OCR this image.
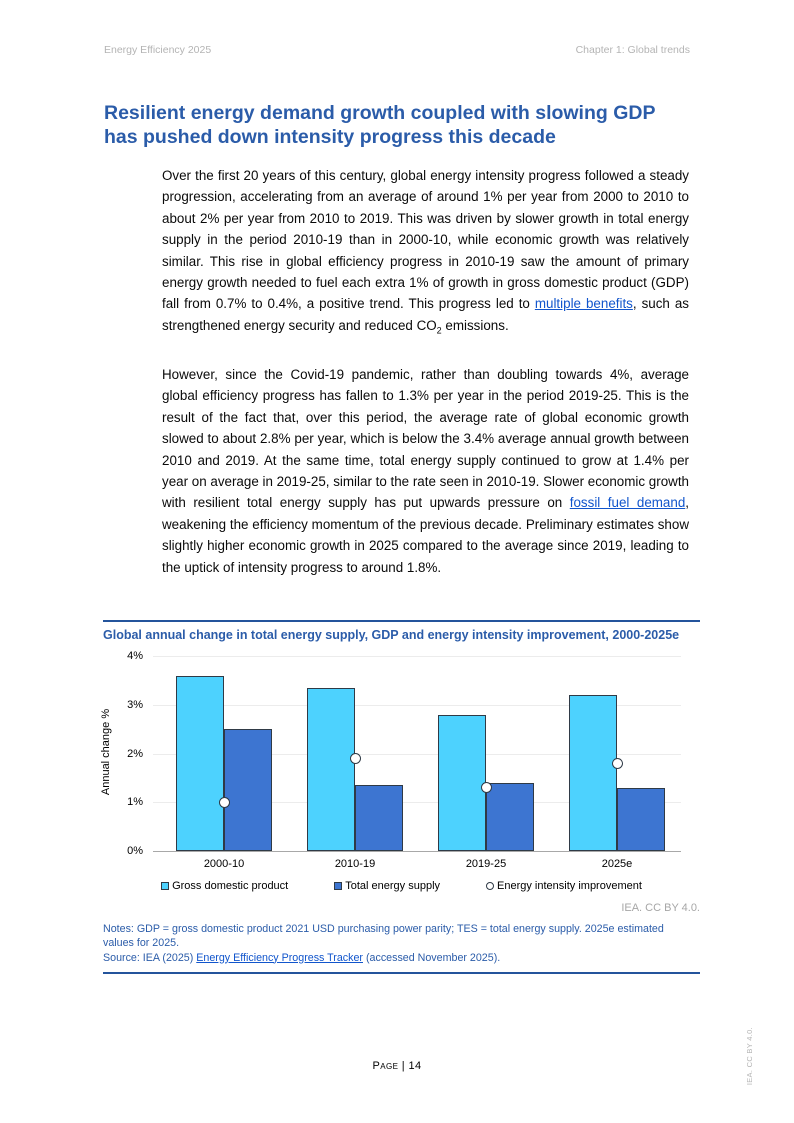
Energy Efficiency 2025	Chapter 1: Global trends
Resilient energy demand growth coupled with slowing GDP has pushed down intensity progress this decade

Over the first 20 years of this century, global energy intensity progress followed a steady progression, accelerating from an average of around 1% per year from 2000 to 2010 to about 2% per year from 2010 to 2019. This was driven by slower growth in total energy supply in the period 2010-19 than in 2000-10, while economic growth was relatively similar. This rise in global efficiency progress in 2010-19 saw the amount of primary energy growth needed to fuel each extra 1% of growth in gross domestic product (GDP) fall from 0.7% to 0.4%, a positive trend. This progress led to multiple benefits, such as strengthened energy security and reduced $CO_2$ emissions.

However, since the Covid-19 pandemic, rather than doubling towards 4%, average global efficiency progress has fallen to 1.3% per year in the period 2019-25. This is the result of the fact that, over this period, the average rate of global economic growth slowed to about 2.8% per year, which is below the 3.4% average annual growth between 2010 and 2019. At the same time, total energy supply continued to grow at 1.4% per year on average in 2019-25, similar to the rate seen in 2010-19. Slower economic growth with resilient total energy supply has put upwards pressure on fossil fuel demand, weakening the efficiency momentum of the previous decade. Preliminary estimates show slightly higher economic growth in 2025 compared to the average since 2019, leading to the uptick of intensity progress to around 1.8%.

Global annual change in total energy supply, GDP and energy intensity improvement, 2000-2025e
0%
1%
2%
3%
4%
Annual change %
2000-10	2010-19	2019-25	2025e
Gross domestic product	Total energy supply	Energy intensity improvement
IEA. CC BY 4.0.
Notes: GDP = gross domestic product 2021 USD purchasing power parity; TES = total energy supply. 2025e estimated values for 2025.
Source: IEA (2025) Energy Efficiency Progress Tracker (accessed November 2025).
Page | 14	IEA. CC BY 4.0.
